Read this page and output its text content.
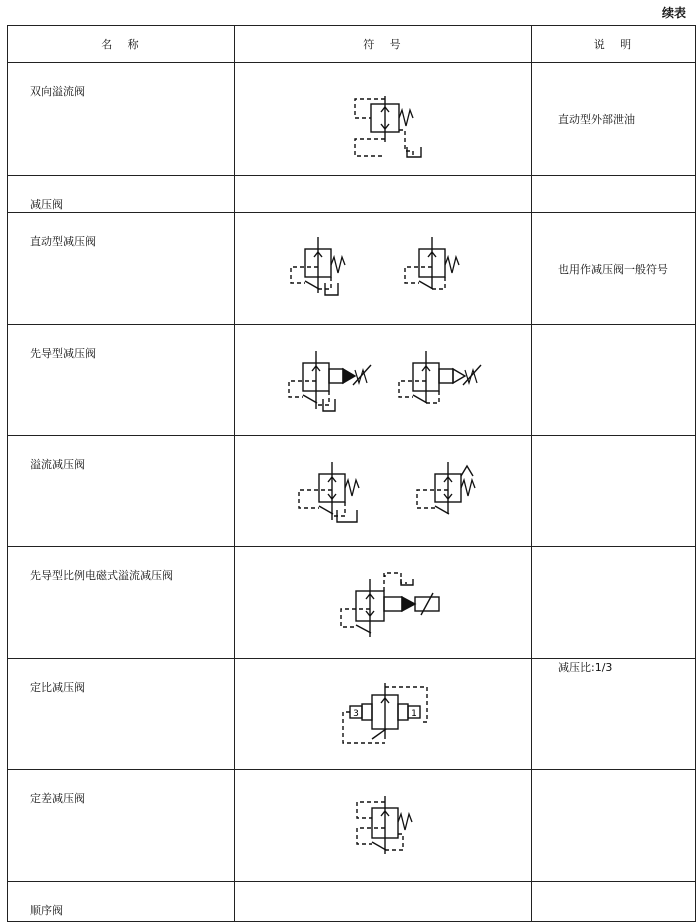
续表
名　称	符　号	说　明
双向溢流阀		直动型外部泄油
减压阀		
直动型减压阀		也用作减压阀一般符号
先导型减压阀	

溢流减压阀	

先导型比例电磁式溢流减压阀	

定比减压阀	3 1	减压比:1/3
定差减压阀	

顺序阀		
